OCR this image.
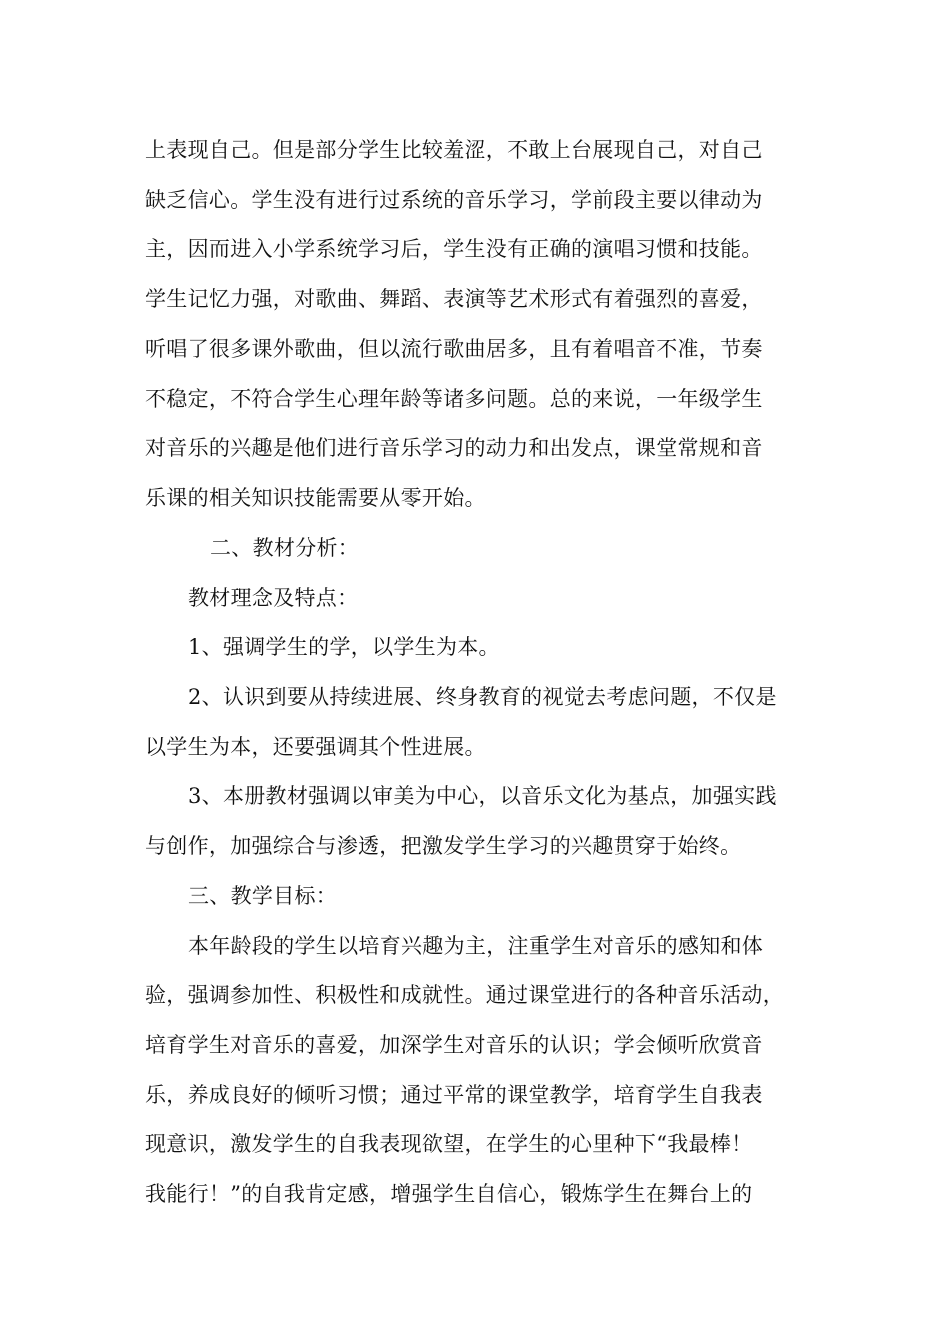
上表现自己。但是部分学生比较羞涩，不敢上台展现自己，对自己
缺乏信心。学生没有进行过系统的音乐学习，学前段主要以律动为
主，因而进入小学系统学习后，学生没有正确的演唱习惯和技能。
学生记忆力强，对歌曲、舞蹈、表演等艺术形式有着强烈的喜爱，
听唱了很多课外歌曲，但以流行歌曲居多，且有着唱音不准，节奏
不稳定，不符合学生心理年龄等诸多问题。总的来说，一年级学生
对音乐的兴趣是他们进行音乐学习的动力和出发点，课堂常规和音
乐课的相关知识技能需要从零开始。
二、教材分析：
教材理念及特点：
1、强调学生的学，以学生为本。
2、认识到要从持续进展、终身教育的视觉去考虑问题，不仅是
以学生为本，还要强调其个性进展。
3、本册教材强调以审美为中心，以音乐文化为基点，加强实践
与创作，加强综合与渗透，把激发学生学习的兴趣贯穿于始终。
三、教学目标：
本年龄段的学生以培育兴趣为主，注重学生对音乐的感知和体
验，强调参加性、积极性和成就性。通过课堂进行的各种音乐活动，
培育学生对音乐的喜爱，加深学生对音乐的认识；学会倾听欣赏音
乐，养成良好的倾听习惯；通过平常的课堂教学，培育学生自我表
现意识，激发学生的自我表现欲望，在学生的心里种下“我最棒！
我能行！”的自我肯定感，增强学生自信心，锻炼学生在舞台上的
